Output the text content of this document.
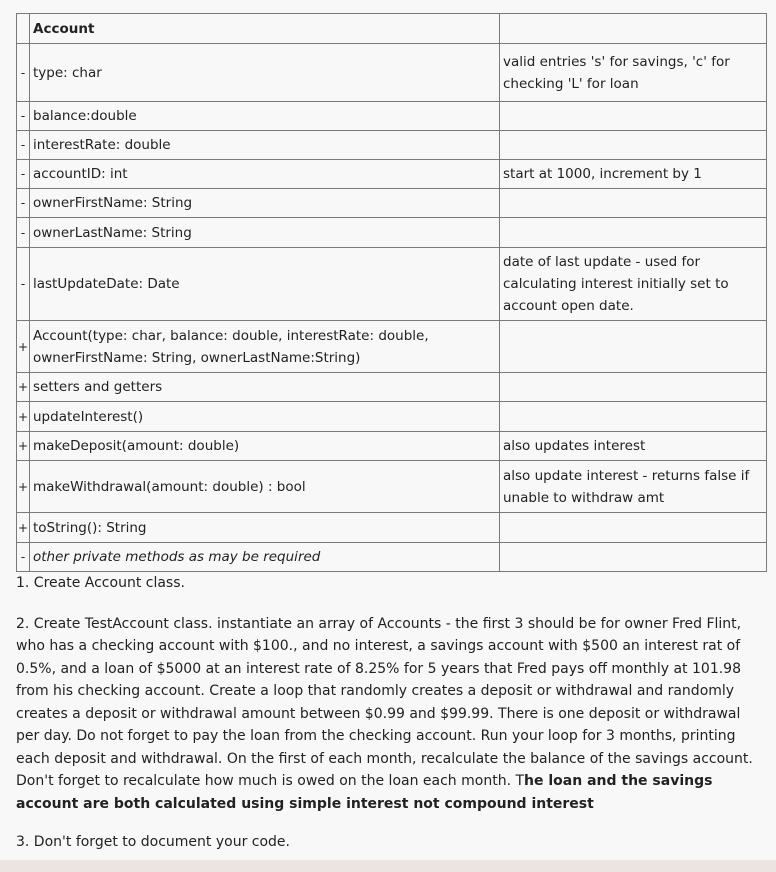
	Account	
-	type: char	valid entries 's' for savings, 'c' for checking 'L' for loan
-	balance:double	
-	interestRate: double	
-	accountID: int	start at 1000, increment by 1
-	ownerFirstName: String	
-	ownerLastName: String	
-	lastUpdateDate: Date	date of last update - used for calculating interest initially set to account open date.
+	Account(type: char, balance: double, interestRate: double, ownerFirstName: String, ownerLastName:String)	
+	setters and getters	
+	updateInterest()	
+	makeDeposit(amount: double)	also updates interest
+	makeWithdrawal(amount: double) : bool	also update interest - returns false if unable to withdraw amt
+	toString(): String	
-	other private methods as may be required	

1. Create Account class.

2. Create TestAccount class. instantiate an array of Accounts - the first 3 should be for owner Fred Flint, who has a checking account with $100., and no interest, a savings account with $500 an interest rat of 0.5%, and a loan of $5000 at an interest rate of 8.25% for 5 years that Fred pays off monthly at 101.98 from his checking account. Create a loop that randomly creates a deposit or withdrawal and randomly creates a deposit or withdrawal amount between $0.99 and $99.99. There is one deposit or withdrawal per day. Do not forget to pay the loan from the checking account. Run your loop for 3 months, printing each deposit and withdrawal. On the first of each month, recalculate the balance of the savings account. Don't forget to recalculate how much is owed on the loan each month. The loan and the savings account are both calculated using simple interest not compound interest

3. Don't forget to document your code.
